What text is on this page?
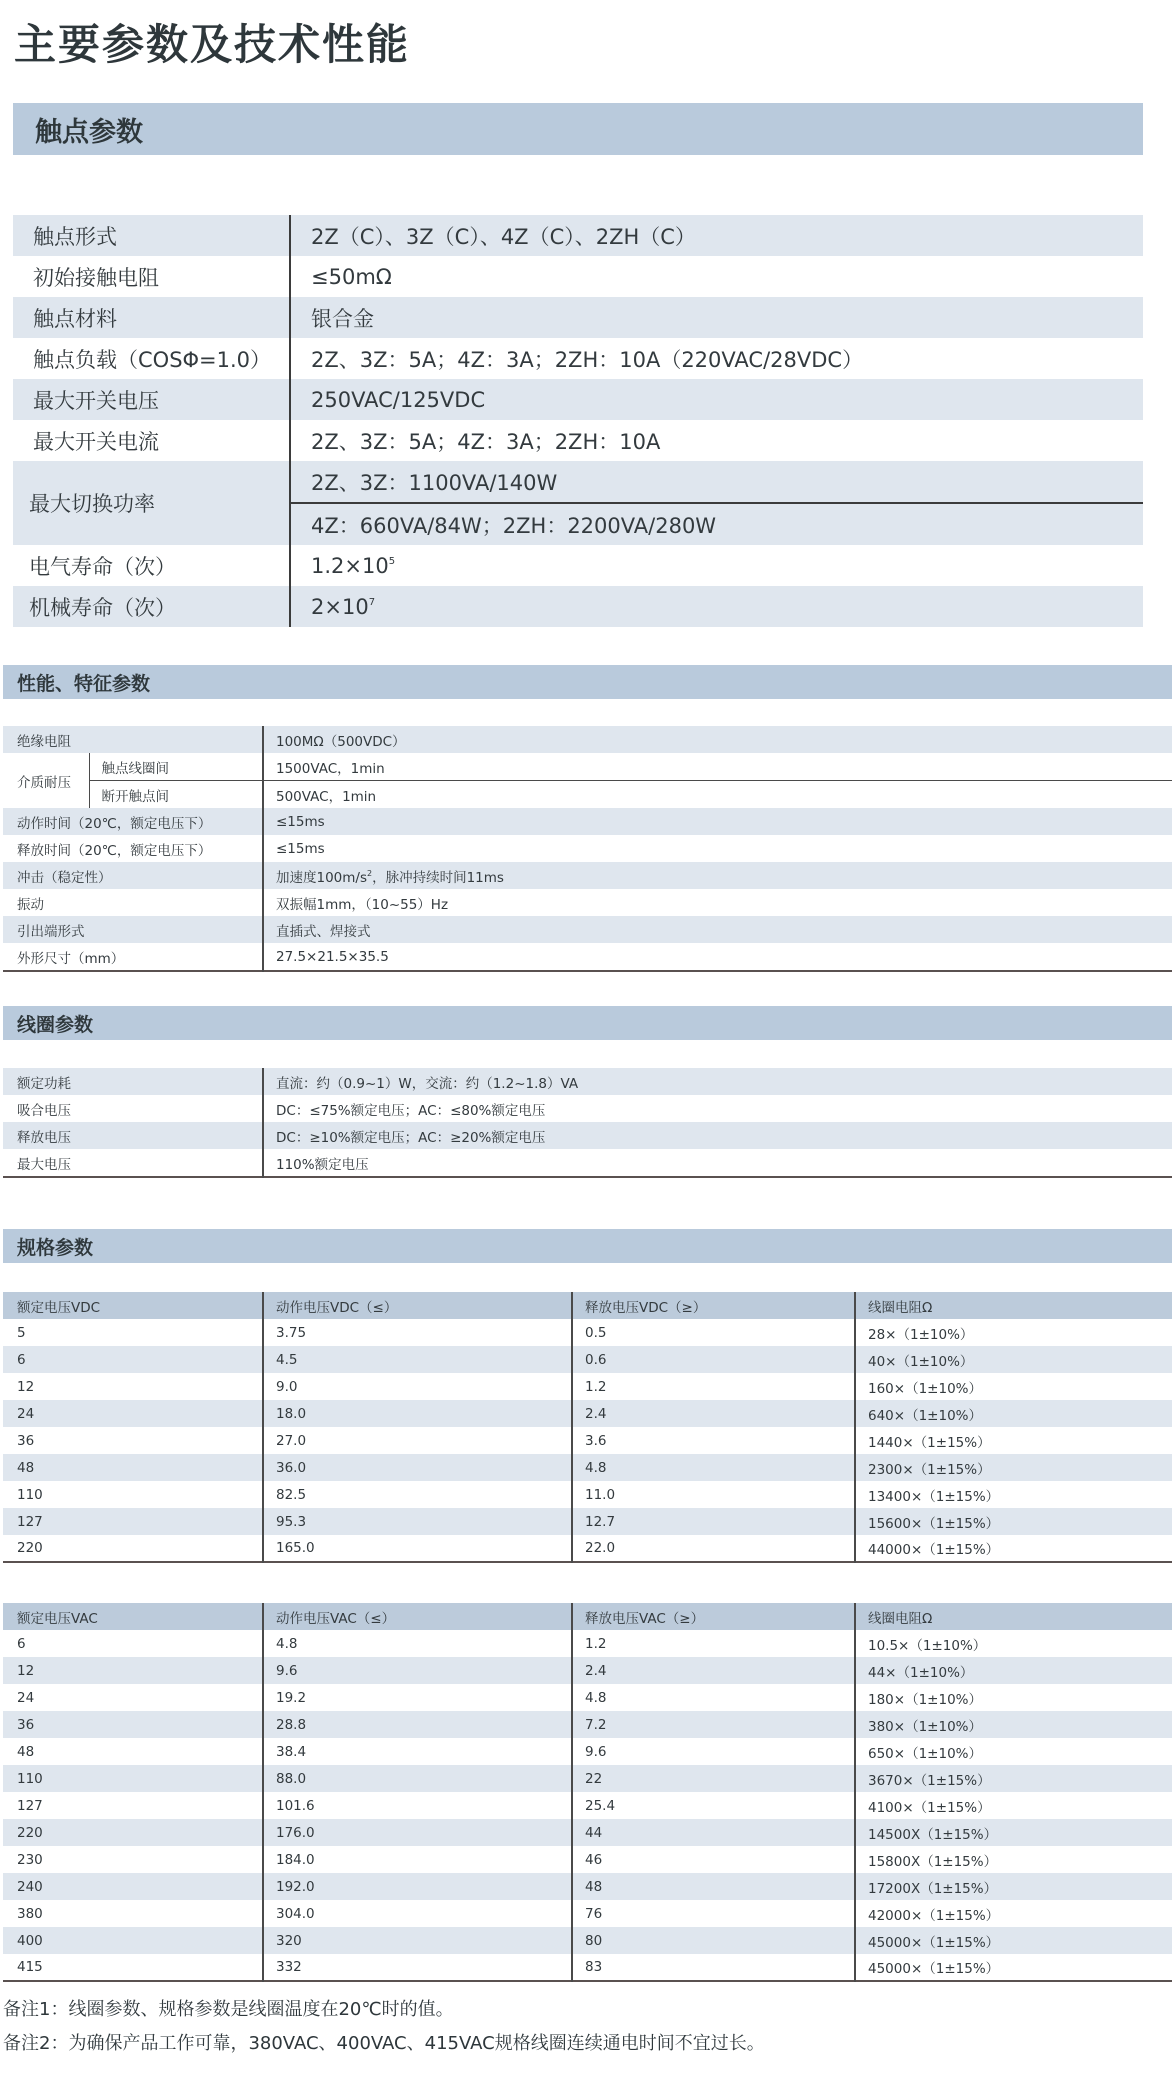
主要参数及技术性能
触点参数
触点形式	2Z（C）、3Z（C）、4Z（C）、2ZH（C）
初始接触电阻	≤50mΩ
触点材料	银合金
触点负载（COSΦ=1.0）	2Z、3Z：5A；4Z：3A；2ZH：10A（220VAC/28VDC）
最大开关电压	250VAC/125VDC
最大开关电流	2Z、3Z：5A；4Z：3A；2ZH：10A
最大切换功率	2Z、3Z：1100VA/140W
	4Z：660VA/84W；2ZH：2200VA/280W
电气寿命（次）	$1.2\times 10^5$
机械寿命（次）	$2\times 10^7$
性能、特征参数
绝缘电阻		100MΩ（500VDC）
介质耐压	触点线圈间	1500VAC，1min
	断开触点间	500VAC，1min
动作时间（20℃，额定电压下）		≤15ms
释放时间（20℃，额定电压下）		≤15ms
冲击（稳定性）		加速度$100m/s^2$，脉冲持续时间11ms
振动		双振幅1mm，（10~55）Hz
引出端形式		直插式、焊接式
外形尺寸（mm）		27.5×21.5×35.5
线圈参数
额定功耗	直流：约（0.9~1）W，交流：约（1.2~1.8）VA
吸合电压	DC：≤75%额定电压；AC：≤80%额定电压
释放电压	DC：≥10%额定电压；AC：≥20%额定电压
最大电压	110%额定电压
规格参数
额定电压VDC	动作电压VDC（≤）	释放电压VDC（≥）	线圈电阻Ω
5	3.75	0.5	28×（1±10%）
6	4.5	0.6	40×（1±10%）
12	9.0	1.2	160×（1±10%）
24	18.0	2.4	640×（1±10%）
36	27.0	3.6	1440×（1±15%）
48	36.0	4.8	2300×（1±15%）
110	82.5	11.0	13400×（1±15%）
127	95.3	12.7	15600×（1±15%）
220	165.0	22.0	44000×（1±15%）
额定电压VAC	动作电压VAC（≤）	释放电压VAC（≥）	线圈电阻Ω
6	4.8	1.2	10.5×（1±10%）
12	9.6	2.4	44×（1±10%）
24	19.2	4.8	180×（1±10%）
36	28.8	7.2	380×（1±10%）
48	38.4	9.6	650×（1±10%）
110	88.0	22	3670×（1±15%）
127	101.6	25.4	4100×（1±15%）
220	176.0	44	14500X（1±15%）
230	184.0	46	15800X（1±15%）
240	192.0	48	17200X（1±15%）
380	304.0	76	42000×（1±15%）
400	320	80	45000×（1±15%）
415	332	83	45000×（1±15%）
备注1：线圈参数、规格参数是线圈温度在20℃时的值。
备注2：为确保产品工作可靠，380VAC、400VAC、415VAC规格线圈连续通电时间不宜过长。
